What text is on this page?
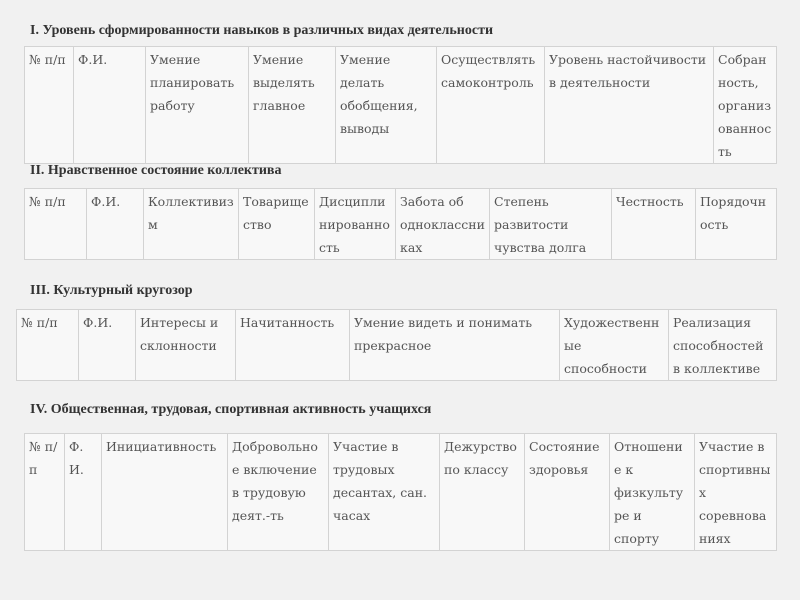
I. Уровень сформированности навыков в различных видах деятельности
№ п/п	Ф.И.	Умение планировать работу	Умение выделять главное	Умение делать обобщения, выводы	Осуществлять самоконтроль	Уровень настойчивости в деятельности	Собранность, организованность
II. Нравственное состояние коллектива
№ п/п	Ф.И.	Коллективизм	Товарищество	Дисциплинированность	Забота об одноклассниках	Степень развитости чувства долга	Честность	Порядочность
III. Культурный кругозор
№ п/п	Ф.И.	Интересы и склонности	Начитанность	Умение видеть и понимать прекрасное	Художественные способности	Реализация способностей в коллективе
IV. Общественная, трудовая, спортивная активность учащихся
№ п/п	Ф. И.	Инициативность	Добровольное включение в трудовую деят.-ть	Участие в трудовых десантах, сан. часах	Дежурство по классу	Состояние здоровья	Отношение к физкультуре и спорту	Участие в спортивных соревнованиях
